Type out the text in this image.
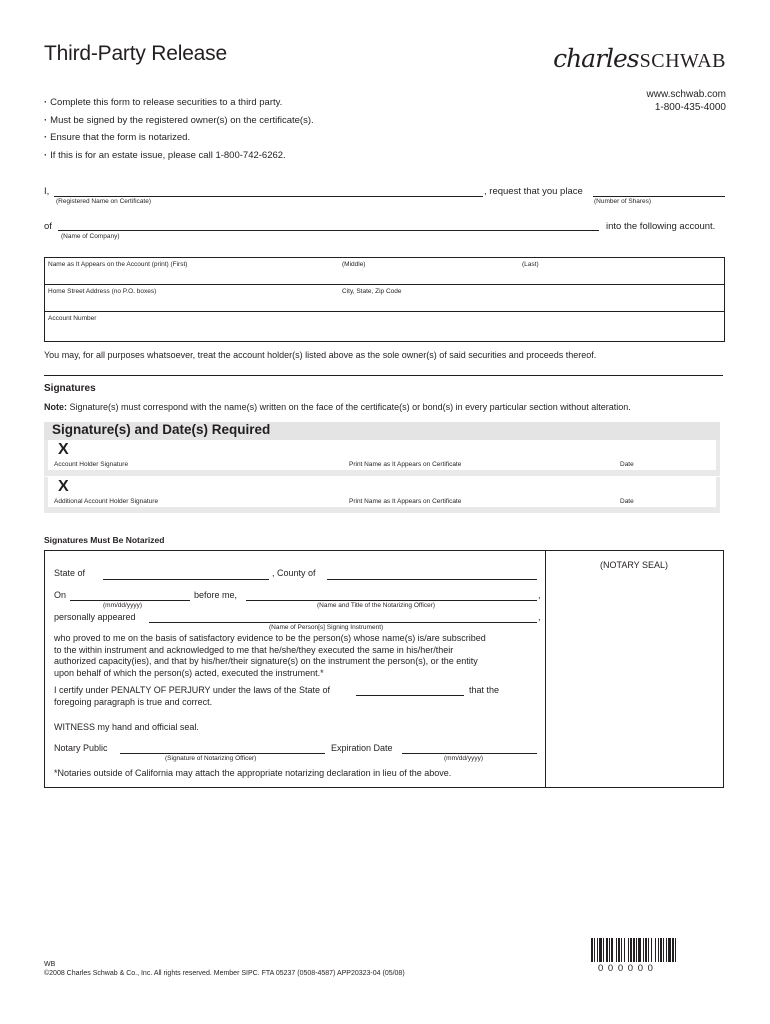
Third-Party Release	charlesSCHWAB
www.schwab.com
1-800-435-4000
· Complete this form to release securities to a third party.
· Must be signed by the registered owner(s) on the certificate(s).
· Ensure that the form is notarized.
· If this is for an estate issue, please call 1-800-742-6262.
I,	, request that you place
(Registered Name on Certificate)	(Number of Shares)
of	into the following account.
(Name of Company)
Name as It Appears on the Account (print) (First)	(Middle)	(Last)
Home Street Address (no P.O. boxes)	City, State, Zip Code
Account Number
You may, for all purposes whatsoever, treat the account holder(s) listed above as the sole owner(s) of said securities and proceeds thereof.
Signatures
Note: Signature(s) must correspond with the name(s) written on the face of the certificate(s) or bond(s) in every particular section without alteration.
Signature(s) and Date(s) Required
X
Account Holder Signature	Print Name as It Appears on Certificate	Date
X
Additional Account Holder Signature	Print Name as It Appears on Certificate	Date
Signatures Must Be Notarized
(NOTARY SEAL)
State of	, County of
On	before me,	,
(mm/dd/yyyy)	(Name and Title of the Notarizing Officer)
personally appeared	,
(Name of Person[s] Signing Instrument)
who proved to me on the basis of satisfactory evidence to be the person(s) whose name(s) is/are subscribed
to the within instrument and acknowledged to me that he/she/they executed the same in his/her/their
authorized capacity(ies), and that by his/her/their signature(s) on the instrument the person(s), or the entity
upon behalf of which the person(s) acted, executed the instrument.*
I certify under PENALTY OF PERJURY under the laws of the State of	that the
foregoing paragraph is true and correct.
WITNESS my hand and official seal.
Notary Public	Expiration Date
(Signature of Notarizing Officer)	(mm/dd/yyyy)
*Notaries outside of California may attach the appropriate notarizing declaration in lieu of the above.
WB
©2008 Charles Schwab & Co., Inc. All rights reserved. Member SIPC. FTA 05237 (0508-4587) APP20323-04 (05/08)	0 0 0 0 0 0
